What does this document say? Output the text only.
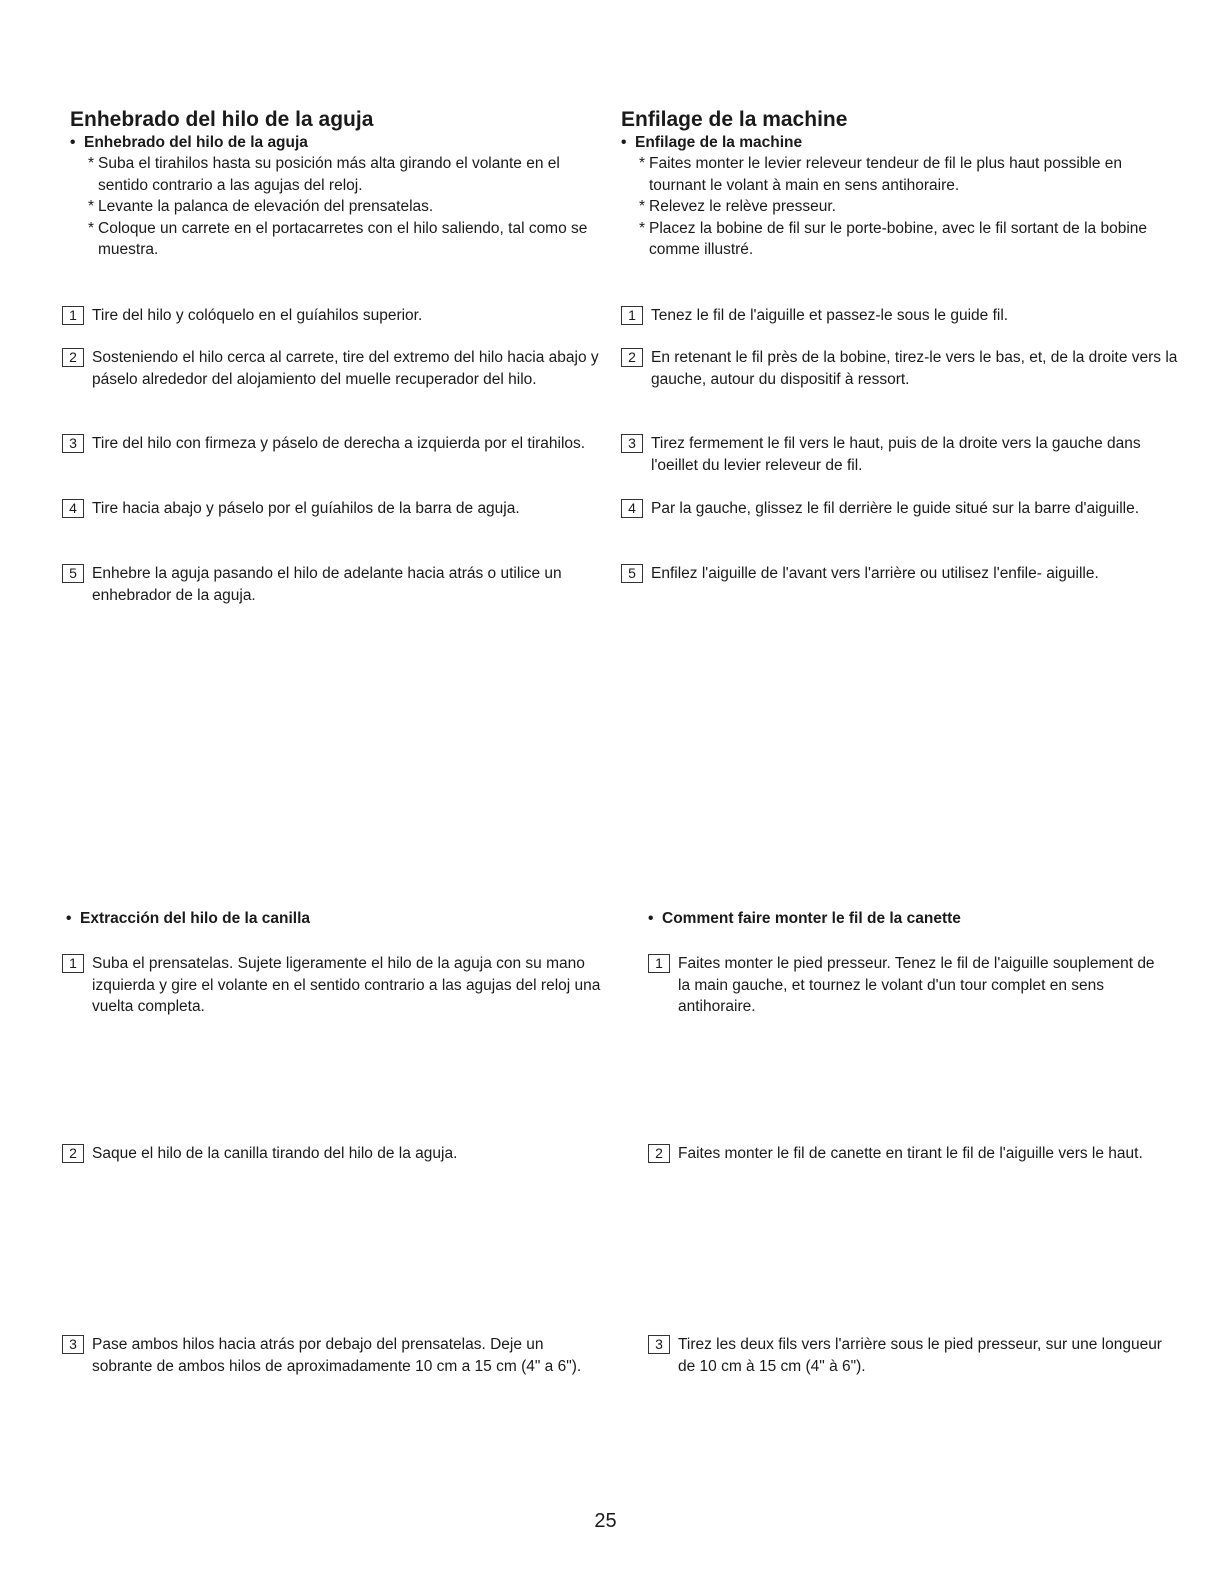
Enhebrado del hilo de la aguja
• Enhebrado del hilo de la aguja

* Suba el tirahilos hasta su posición más alta girando el volante en el sentido contrario a las agujas del reloj.

* Levante la palanca de elevación del prensatelas.

* Coloque un carrete en el portacarretes con el hilo saliendo, tal como se muestra.

1 Tire del hilo y colóquelo en el guíahilos superior.
2 Sosteniendo el hilo cerca al carrete, tire del extremo del hilo hacia abajo y páselo alrededor del alojamiento del muelle recuperador del hilo.
3 Tire del hilo con firmeza y páselo de derecha a izquierda por el tirahilos.
4 Tire hacia abajo y páselo por el guíahilos de la barra de aguja.
5 Enhebre la aguja pasando el hilo de adelante hacia atrás o utilice un enhebrador de la aguja.
Enfilage de la machine
• Enfilage de la machine

* Faites monter le levier releveur tendeur de fil le plus haut possible en tournant le volant à main en sens antihoraire.

* Relevez le relève presseur.

* Placez la bobine de fil sur le porte-bobine, avec le fil sortant de la bobine comme illustré.

1 Tenez le fil de l'aiguille et passez-le sous le guide fil.
2 En retenant le fil près de la bobine, tirez-le vers le bas, et, de la droite vers la gauche, autour du dispositif à ressort.
3 Tirez fermement le fil vers le haut, puis de la droite vers la gauche dans l'oeillet du levier releveur de fil.
4 Par la gauche, glissez le fil derrière le guide situé sur la barre d'aiguille.
5 Enfilez l'aiguille de l'avant vers l'arrière ou utilisez l'enfile- aiguille.
• Extracción del hilo de la canilla
1 Suba el prensatelas. Sujete ligeramente el hilo de la aguja con su mano izquierda y gire el volante en el sentido contrario a las agujas del reloj una vuelta completa.
2 Saque el hilo de la canilla tirando del hilo de la aguja.
3 Pase ambos hilos hacia atrás por debajo del prensatelas. Deje un sobrante de ambos hilos de aproximadamente 10 cm a 15 cm (4" a 6").
• Comment faire monter le fil de la canette
1 Faites monter le pied presseur. Tenez le fil de l'aiguille souplement de la main gauche, et tournez le volant d'un tour complet en sens antihoraire.
2 Faites monter le fil de canette en tirant le fil de l'aiguille vers le haut.
3 Tirez les deux fils vers l'arrière sous le pied presseur, sur une longueur de 10 cm à 15 cm (4" à 6").
25
